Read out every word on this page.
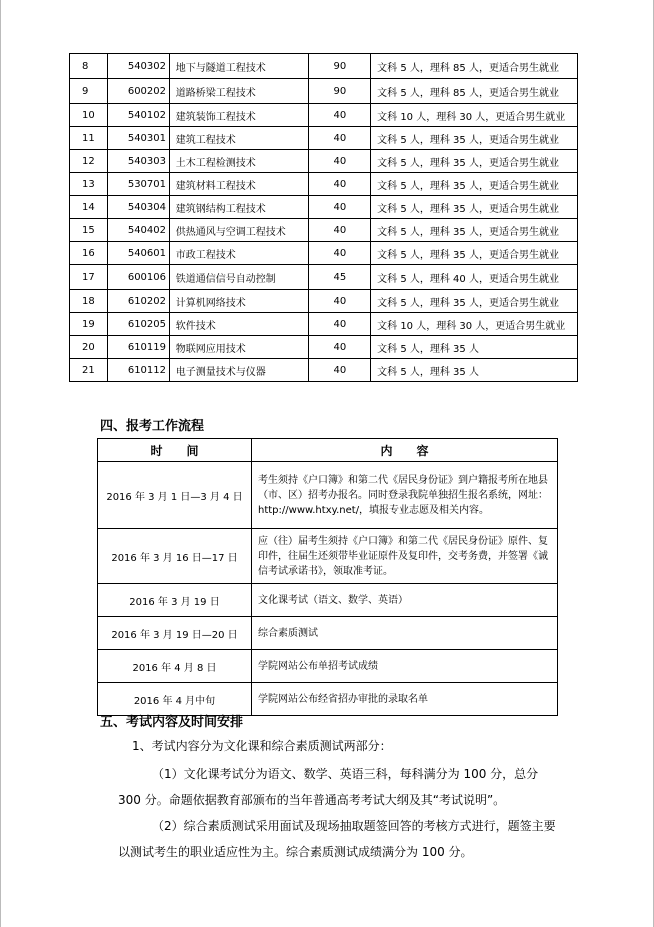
8	540302	地下与隧道工程技术	90	文科 5 人，理科 85 人，更适合男生就业
9	600202	道路桥梁工程技术	90	文科 5 人，理科 85 人，更适合男生就业
10	540102	建筑装饰工程技术	40	文科 10 人，理科 30 人，更适合男生就业
11	540301	建筑工程技术	40	文科 5 人，理科 35 人，更适合男生就业
12	540303	土木工程检测技术	40	文科 5 人，理科 35 人，更适合男生就业
13	530701	建筑材料工程技术	40	文科 5 人，理科 35 人，更适合男生就业
14	540304	建筑钢结构工程技术	40	文科 5 人，理科 35 人，更适合男生就业
15	540402	供热通风与空调工程技术	40	文科 5 人，理科 35 人，更适合男生就业
16	540601	市政工程技术	40	文科 5 人，理科 35 人，更适合男生就业
17	600106	铁道通信信号自动控制	45	文科 5 人，理科 40 人，更适合男生就业
18	610202	计算机网络技术	40	文科 5 人，理科 35 人，更适合男生就业
19	610205	软件技术	40	文科 10 人，理科 30 人，更适合男生就业
20	610119	物联网应用技术	40	文科 5 人，理科 35 人
21	610112	电子测量技术与仪器	40	文科 5 人，理科 35 人
四、报考工作流程
时　　间	内　　容
2016 年 3 月 1 日—3 月 4 日	考生须持《户口簿》和第二代《居民身份证》到户籍报考所在地县（市、区）招考办报名。同时登录我院单独招生报名系统，网址：http://www.htxy.net/，填报专业志愿及相关内容。
2016 年 3 月 16 日—17 日	应（往）届考生须持《户口簿》和第二代《居民身份证》原件、复印件，往届生还须带毕业证原件及复印件，交考务费，并签署《诚信考试承诺书》，领取准考证。
2016 年 3 月 19 日	文化课考试（语文、数学、英语）
2016 年 3 月 19 日—20 日	综合素质测试
2016 年 4 月 8 日	学院网站公布单招考试成绩
2016 年 4 月中旬	学院网站公布经省招办审批的录取名单
五、考试内容及时间安排
1、考试内容分为文化课和综合素质测试两部分：
（1）文化课考试分为语文、数学、英语三科，每科满分为 100 分，总分 300 分。命题依据教育部颁布的当年普通高考考试大纲及其“考试说明”。
（2）综合素质测试采用面试及现场抽取题签回答的考核方式进行，题签主要以测试考生的职业适应性为主。综合素质测试成绩满分为 100 分。
